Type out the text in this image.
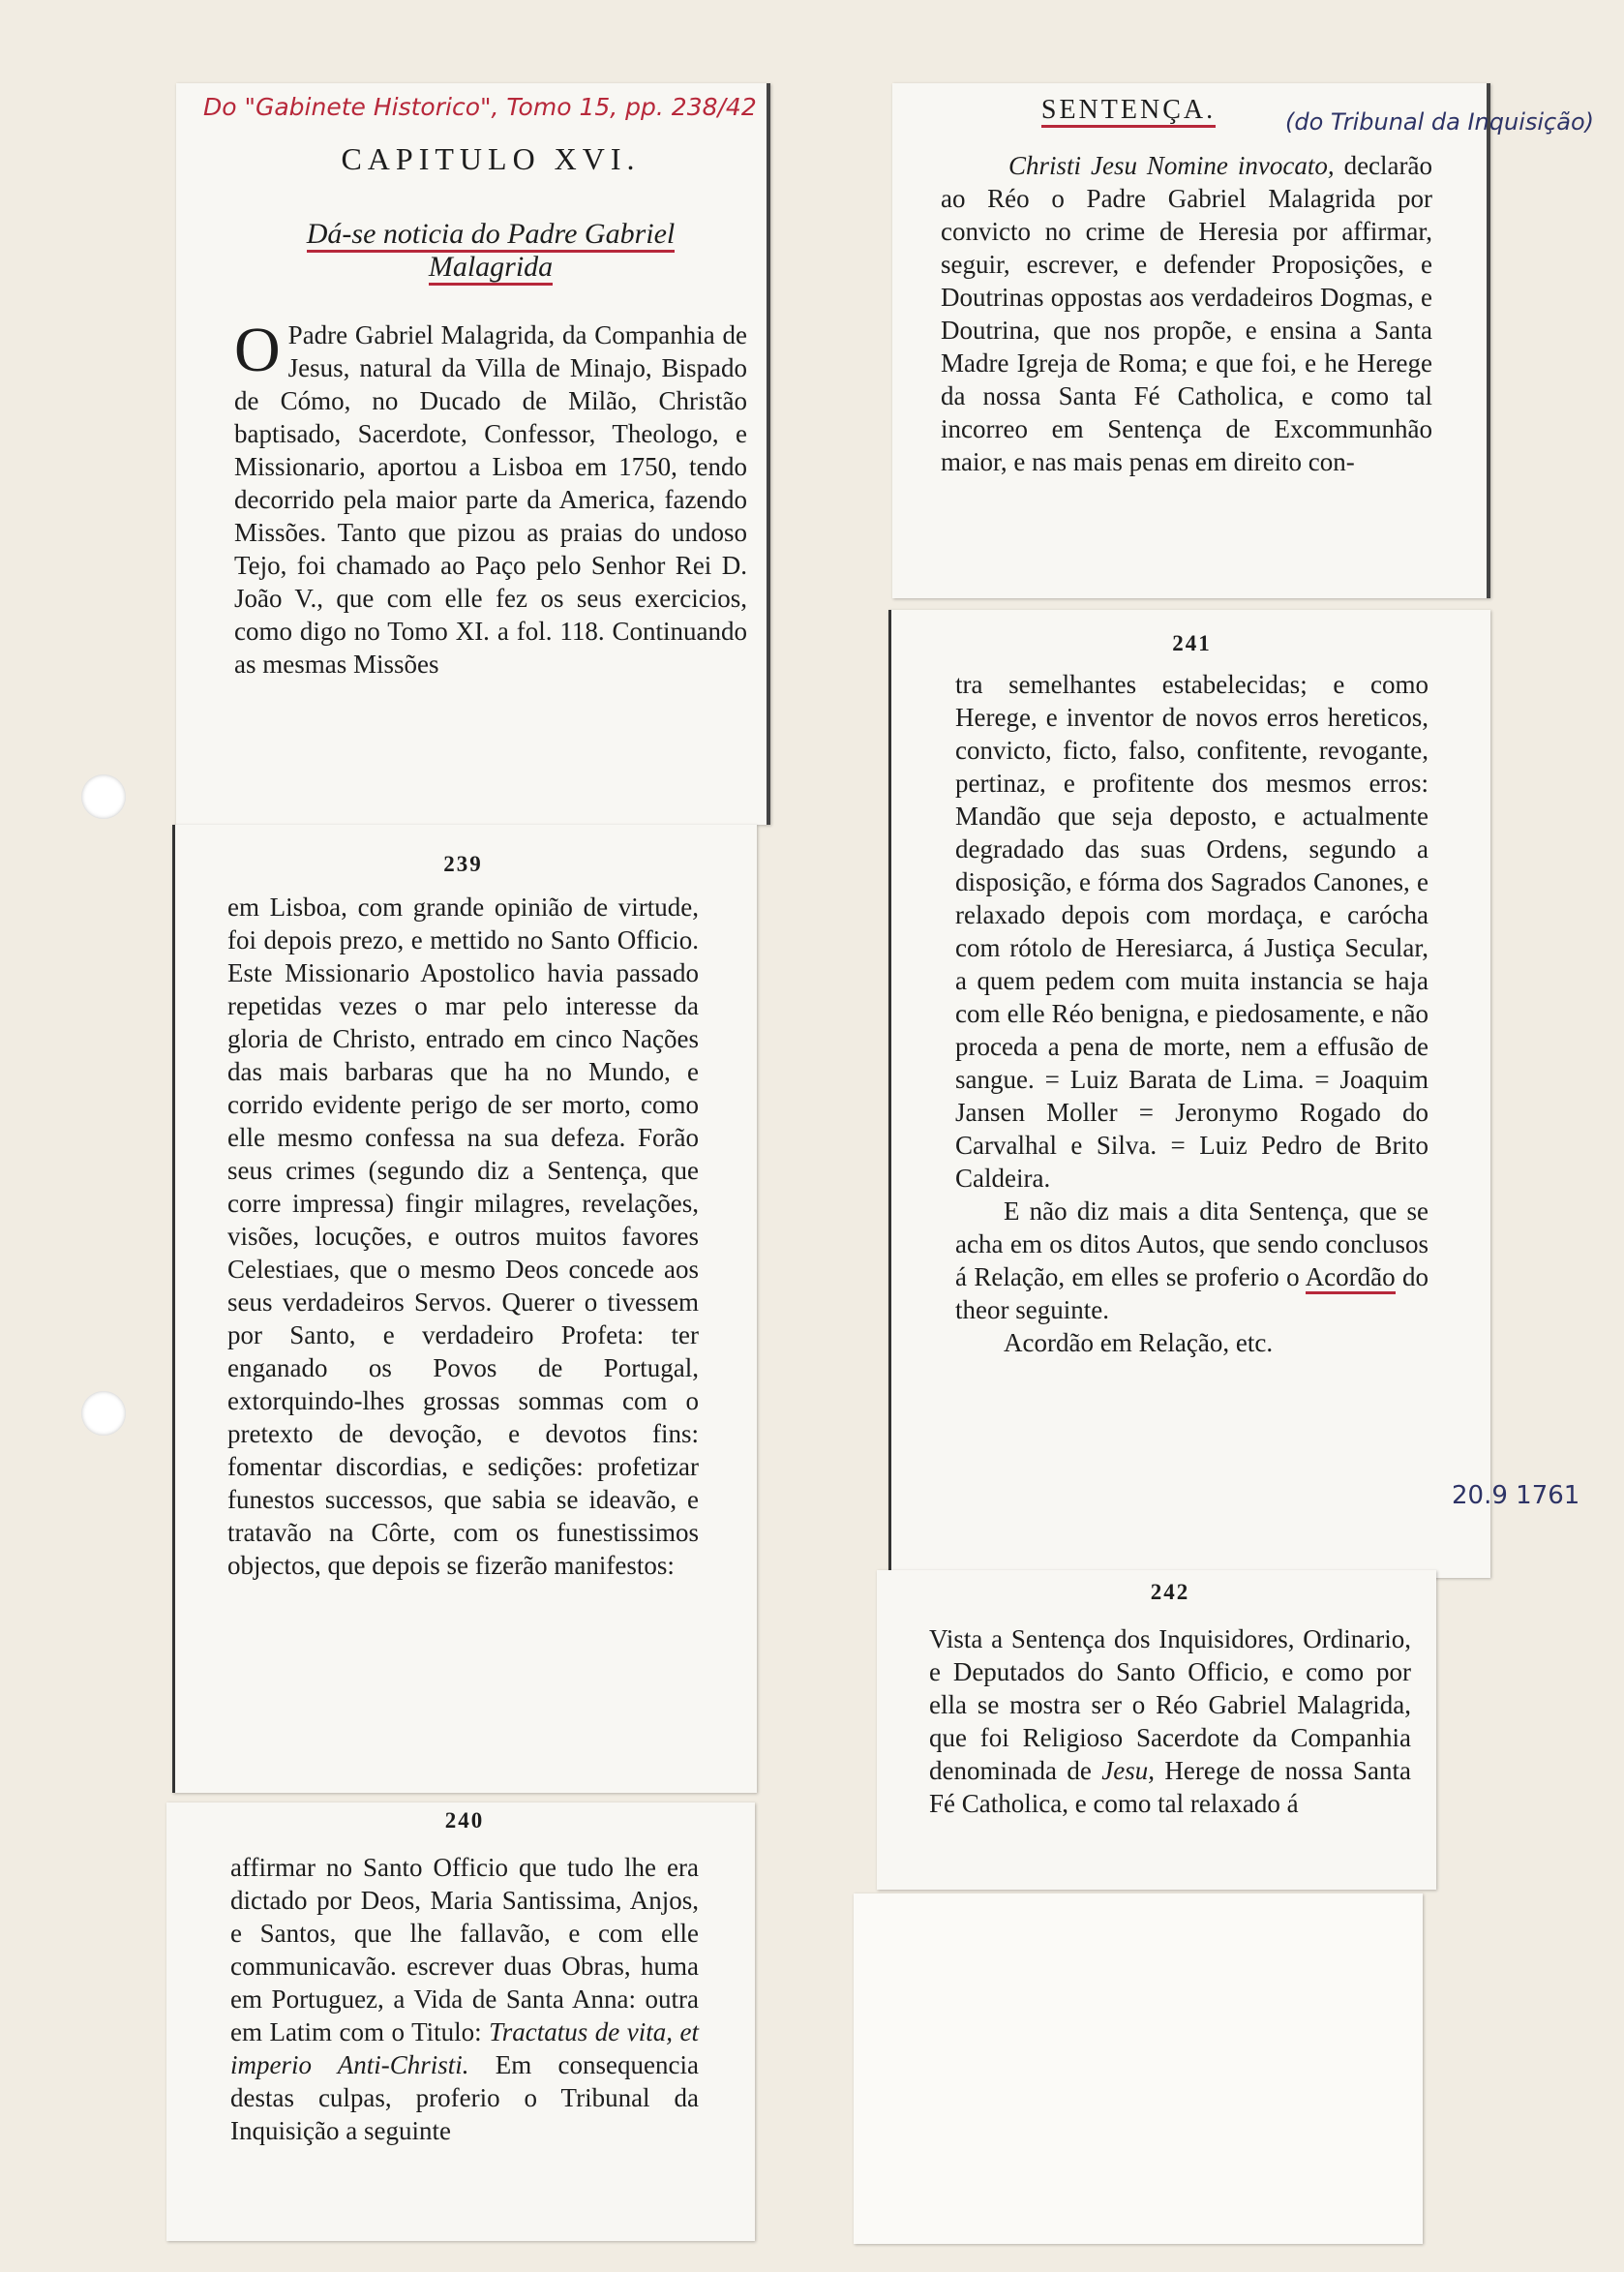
CAPITULO XVI.

Dá-se noticia do Padre Gabriel
Malagrida

O Padre Gabriel Malagrida, da Companhia de Jesus, natural da Villa de Minajo, Bispado de Cómo, no Ducado de Milão, Christão baptisado, Sacerdote, Confessor, Theologo, e Missionario, aportou a Lisboa em 1750, tendo decorrido pela maior parte da America, fazendo Missões. Tanto que pizou as praias do undoso Tejo, foi chamado ao Paço pelo Senhor Rei D. João V., que com elle fez os seus exercicios, como digo no Tomo XI. a fol. 118. Continuando as mesmas Missões

Do "Gabinete Historico", Tomo 15, pp. 238/42

239

em Lisboa, com grande opinião de virtude, foi depois prezo, e mettido no Santo Officio. Este Missionario Apostolico havia passado repetidas vezes o mar pelo interesse da gloria de Christo, entrado em cinco Nações das mais barbaras que ha no Mundo, e corrido evidente perigo de ser morto, como elle mesmo confessa na sua defeza. Forão seus crimes (segundo diz a Sentença, que corre impressa) fingir milagres, revelações, visões, locuções, e outros muitos favores Celestiaes, que o mesmo Deos concede aos seus verdadeiros Servos. Querer o tivessem por Santo, e verdadeiro Profeta: ter enganado os Povos de Portugal, extorquindo-lhes grossas sommas com o pretexto de devoção, e devotos fins: fomentar discordias, e sedições: profetizar funestos successos, que sabia se ideavão, e tratavão na Côrte, com os funestissimos objectos, que depois se fizerão manifestos:

240

affirmar no Santo Officio que tudo lhe era dictado por Deos, Maria Santissima, Anjos, e Santos, que lhe fallavão, e com elle communicavão. escrever duas Obras, huma em Portuguez, a Vida de Santa Anna: outra em Latim com o Titulo: Tractatus de vita, et imperio Anti-Christi. Em consequencia destas culpas, proferio o Tribunal da Inquisição a seguinte

SENTENÇA.

Christi Jesu Nomine invocato, declarão ao Réo o Padre Gabriel Malagrida por convicto no crime de Heresia por affirmar, seguir, escrever, e defender Proposições, e Doutrinas oppostas aos verdadeiros Dogmas, e Doutrina, que nos propõe, e ensina a Santa Madre Igreja de Roma; e que foi, e he Herege da nossa Santa Fé Catholica, e como tal incorreo em Sentença de Excommunhão maior, e nas mais penas em direito con-

(do Tribunal da Inquisição)

241

tra semelhantes estabelecidas; e como Herege, e inventor de novos erros hereticos, convicto, ficto, falso, confitente, revogante, pertinaz, e profitente dos mesmos erros: Mandão que seja deposto, e actualmente degradado das suas Ordens, segundo a disposição, e fórma dos Sagrados Canones, e relaxado depois com mordaça, e carócha com rótolo de Heresiarca, á Justiça Secular, a quem pedem com muita instancia se haja com elle Réo benigna, e piedosamente, e não proceda a pena de morte, nem a effusão de sangue. = Luiz Barata de Lima. = Joaquim Jansen Moller = Jeronymo Rogado do Carvalhal e Silva. = Luiz Pedro de Brito Caldeira.

E não diz mais a dita Sentença, que se acha em os ditos Autos, que sendo conclusos á Relação, em elles se proferio o Acordão do theor seguinte.

Acordão em Relação, etc.

20.9 1761

242

Vista a Sentença dos Inquisidores, Ordinario, e Deputados do Santo Officio, e como por ella se mostra ser o Réo Gabriel Malagrida, que foi Religioso Sacerdote da Companhia denominada de Jesu, Herege de nossa Santa Fé Catholica, e como tal relaxado á
